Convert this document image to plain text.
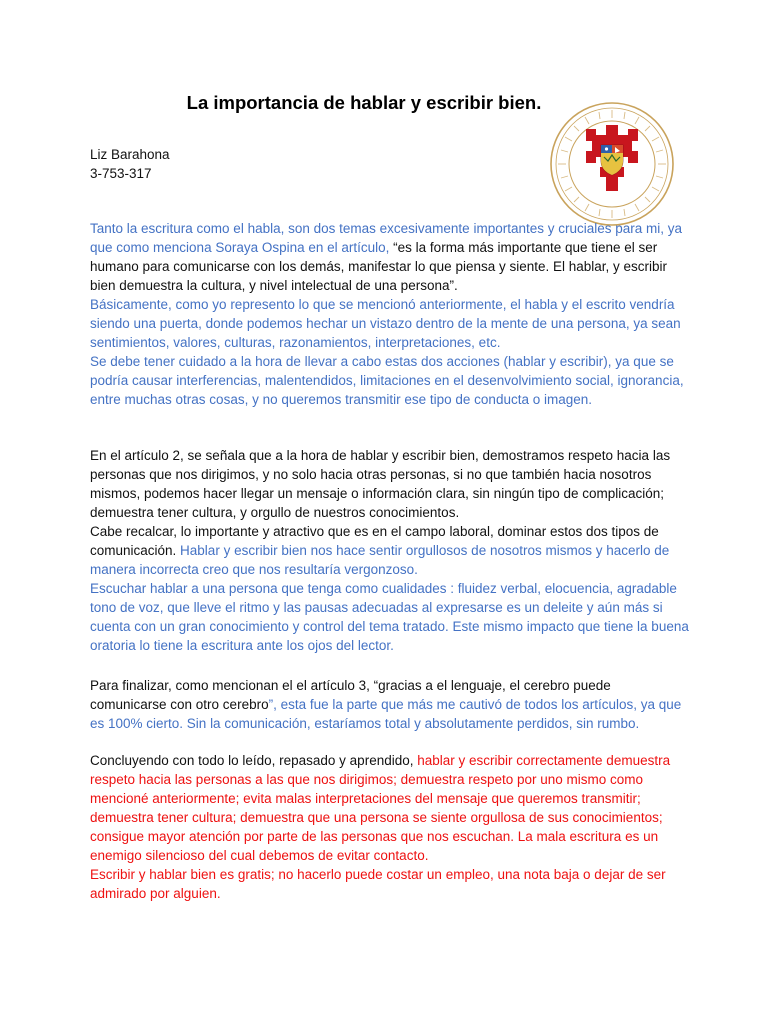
La importancia de hablar y escribir bien.
Liz Barahona
3-753-317

Tanto la escritura como el habla, son dos temas excesivamente importantes y cruciales para mi, ya que como menciona Soraya Ospina en el artículo, “es la forma más importante que tiene el ser humano para comunicarse con los demás, manifestar lo que piensa y siente. El hablar, y escribir bien demuestra la cultura, y nivel intelectual de una persona”.
Básicamente, como yo represento lo que se mencionó anteriormente, el habla y el escrito vendría siendo una puerta, donde podemos hechar un vistazo dentro de la mente de una persona, ya sean sentimientos, valores, culturas, razonamientos, interpretaciones, etc.
Se debe tener cuidado a la hora de llevar a cabo estas dos acciones (hablar y escribir), ya que se podría causar interferencias, malentendidos, limitaciones en el desenvolvimiento social, ignorancia, entre muchas otras cosas, y no queremos transmitir ese tipo de conducta o imagen.

En el artículo 2, se señala que a la hora de hablar y escribir bien, demostramos respeto hacia las personas que nos dirigimos, y no solo hacia otras personas, si no que también hacia nosotros mismos, podemos hacer llegar un mensaje o información clara, sin ningún tipo de complicación; demuestra tener cultura, y orgullo de nuestros conocimientos.
Cabe recalcar, lo importante y atractivo que es en el campo laboral, dominar estos dos tipos de comunicación. Hablar y escribir bien nos hace sentir orgullosos de nosotros mismos y hacerlo de manera incorrecta creo que nos resultaría vergonzoso.
Escuchar hablar a una persona que tenga como cualidades : fluidez verbal, elocuencia, agradable tono de voz, que lleve el ritmo y las pausas adecuadas al expresarse es un deleite y aún más si cuenta con un gran conocimiento y control del tema tratado. Este mismo impacto que tiene la buena oratoria lo tiene la escritura ante los ojos del lector.

Para finalizar, como mencionan el el artículo 3, “gracias a el lenguaje, el cerebro puede comunicarse con otro cerebro”, esta fue la parte que más me cautivó de todos los artículos, ya que es 100% cierto. Sin la comunicación, estaríamos total y absolutamente perdidos, sin rumbo.

Concluyendo con todo lo leído, repasado y aprendido, hablar y escribir correctamente demuestra respeto hacia las personas a las que nos dirigimos; demuestra respeto por uno mismo como mencioné anteriormente; evita malas interpretaciones del mensaje que queremos transmitir; demuestra tener cultura; demuestra que una persona se siente orgullosa de sus conocimientos; consigue mayor atención por parte de las personas que nos escuchan. La mala escritura es un enemigo silencioso del cual debemos de evitar contacto.
Escribir y hablar bien es gratis; no hacerlo puede costar un empleo, una nota baja o dejar de ser admirado por alguien.
